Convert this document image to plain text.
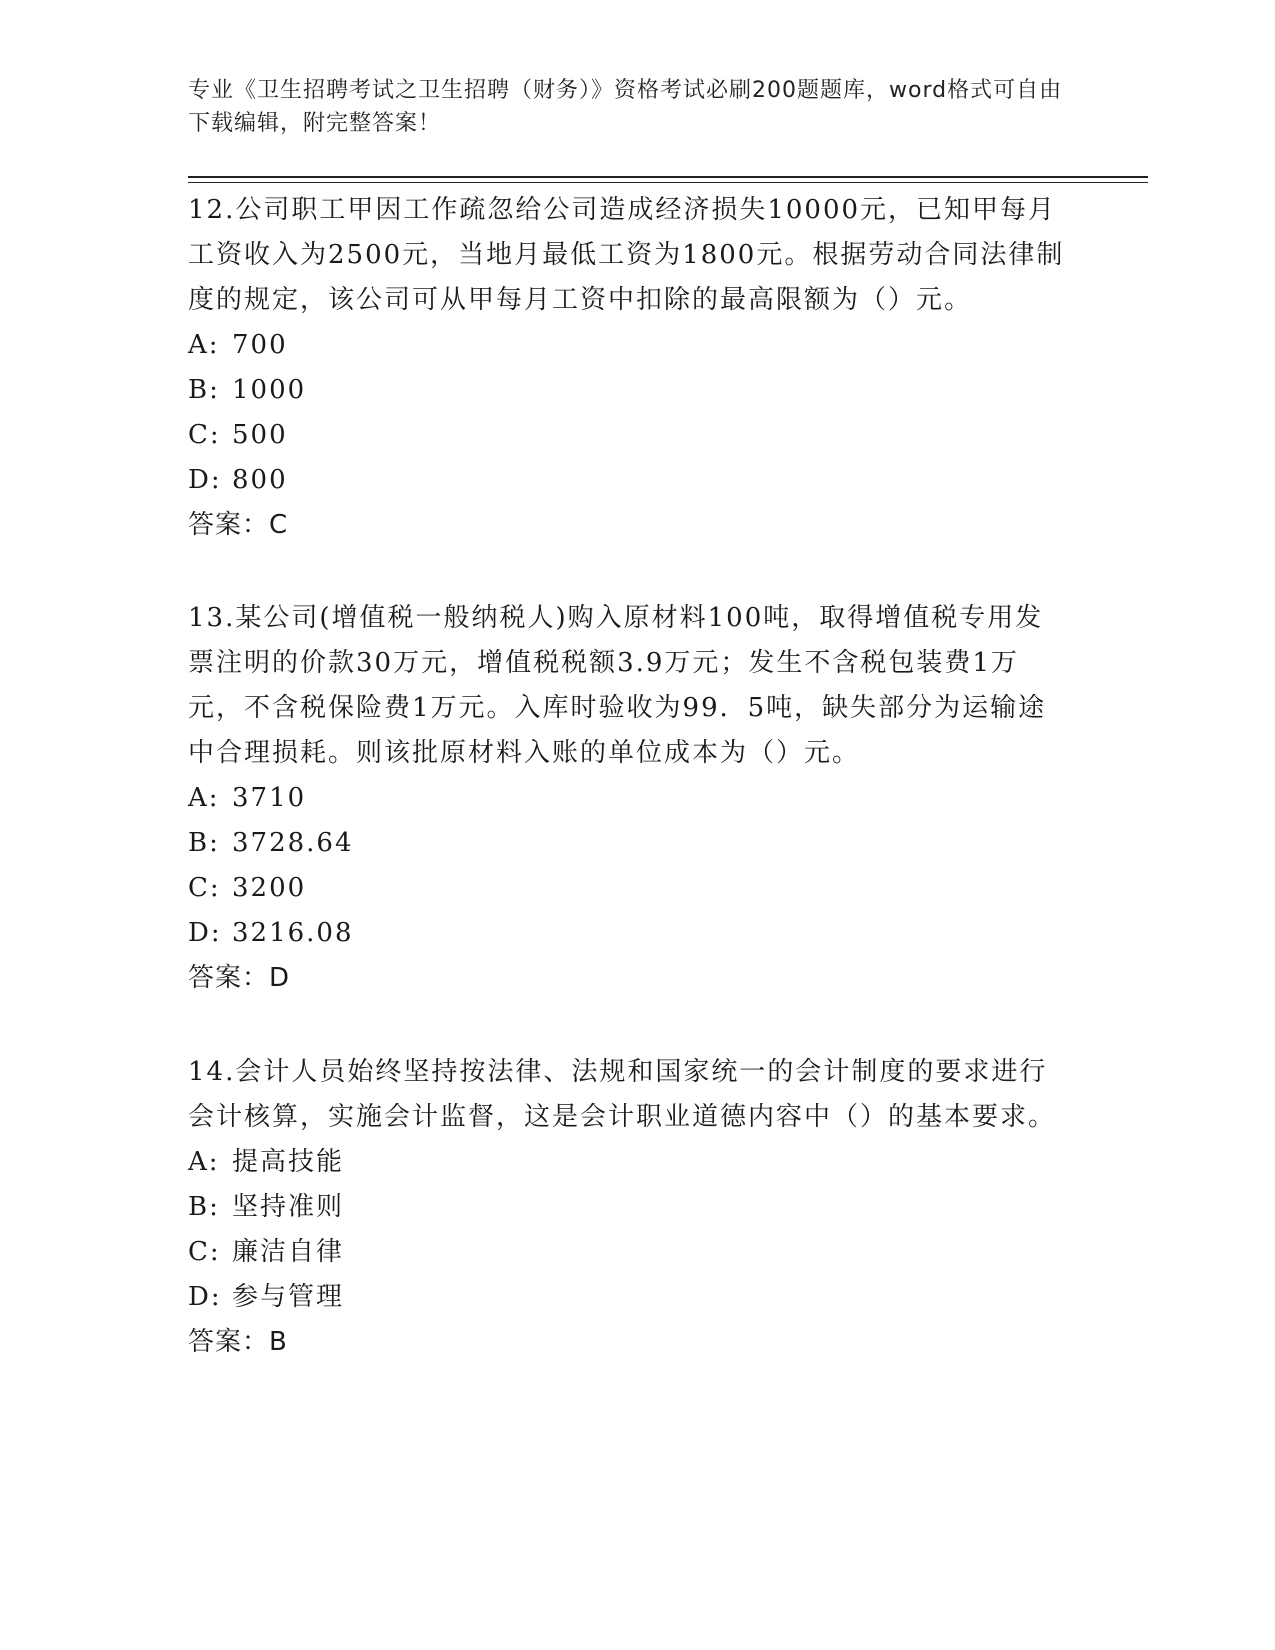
专业《卫生招聘考试之卫生招聘（财务）》资格考试必刷200题题库，word格式可自由下载编辑，附完整答案！

12.公司职工甲因工作疏忽给公司造成经济损失10000元，已知甲每月工资收入为2500元，当地月最低工资为1800元。根据劳动合同法律制度的规定，该公司可从甲每月工资中扣除的最高限额为（）元。

A: 700

B: 1000

C: 500

D: 800

答案：C

13.某公司(增值税一般纳税人)购入原材料100吨，取得增值税专用发票注明的价款30万元，增值税税额3.9万元；发生不含税包装费1万元，不含税保险费1万元。入库时验收为99．5吨，缺失部分为运输途中合理损耗。则该批原材料入账的单位成本为（）元。

A: 3710

B: 3728.64

C: 3200

D: 3216.08

答案：D

14.会计人员始终坚持按法律、法规和国家统一的会计制度的要求进行会计核算，实施会计监督，这是会计职业道德内容中（）的基本要求。

A: 提高技能

B: 坚持准则

C: 廉洁自律

D: 参与管理

答案：B
